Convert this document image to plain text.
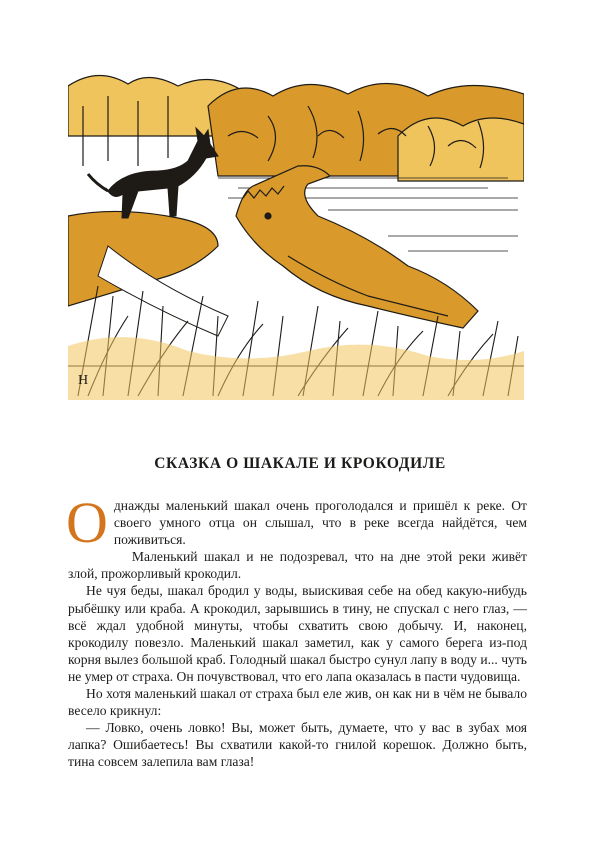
Н
СКАЗКА О ШАКАЛЕ И КРОКОДИЛЕ

О днажды маленький шакал очень проголодался и пришёл к реке. От своего умного отца он слышал, что в реке всегда найдётся, чем поживиться.

Маленький шакал и не подозревал, что на дне этой реки живёт злой, прожорливый крокодил.

Не чуя беды, шакал бродил у воды, выискивая себе на обед какую-нибудь рыбёшку или краба. А крокодил, зарывшись в тину, не спускал с него глаз, — всё ждал удобной минуты, чтобы схватить свою добычу. И, наконец, крокодилу повезло. Маленький шакал заметил, как у самого берега из-под корня вылез большой краб. Голодный шакал быстро сунул лапу в воду и... чуть не умер от страха. Он почувствовал, что его лапа оказалась в пасти чудовища.

Но хотя маленький шакал от страха был еле жив, он как ни в чём не бывало весело крикнул:

— Ловко, очень ловко! Вы, может быть, думаете, что у вас в зубах моя лапка? Ошибаетесь! Вы схватили какой-то гнилой корешок. Должно быть, тина совсем залепила вам глаза!
